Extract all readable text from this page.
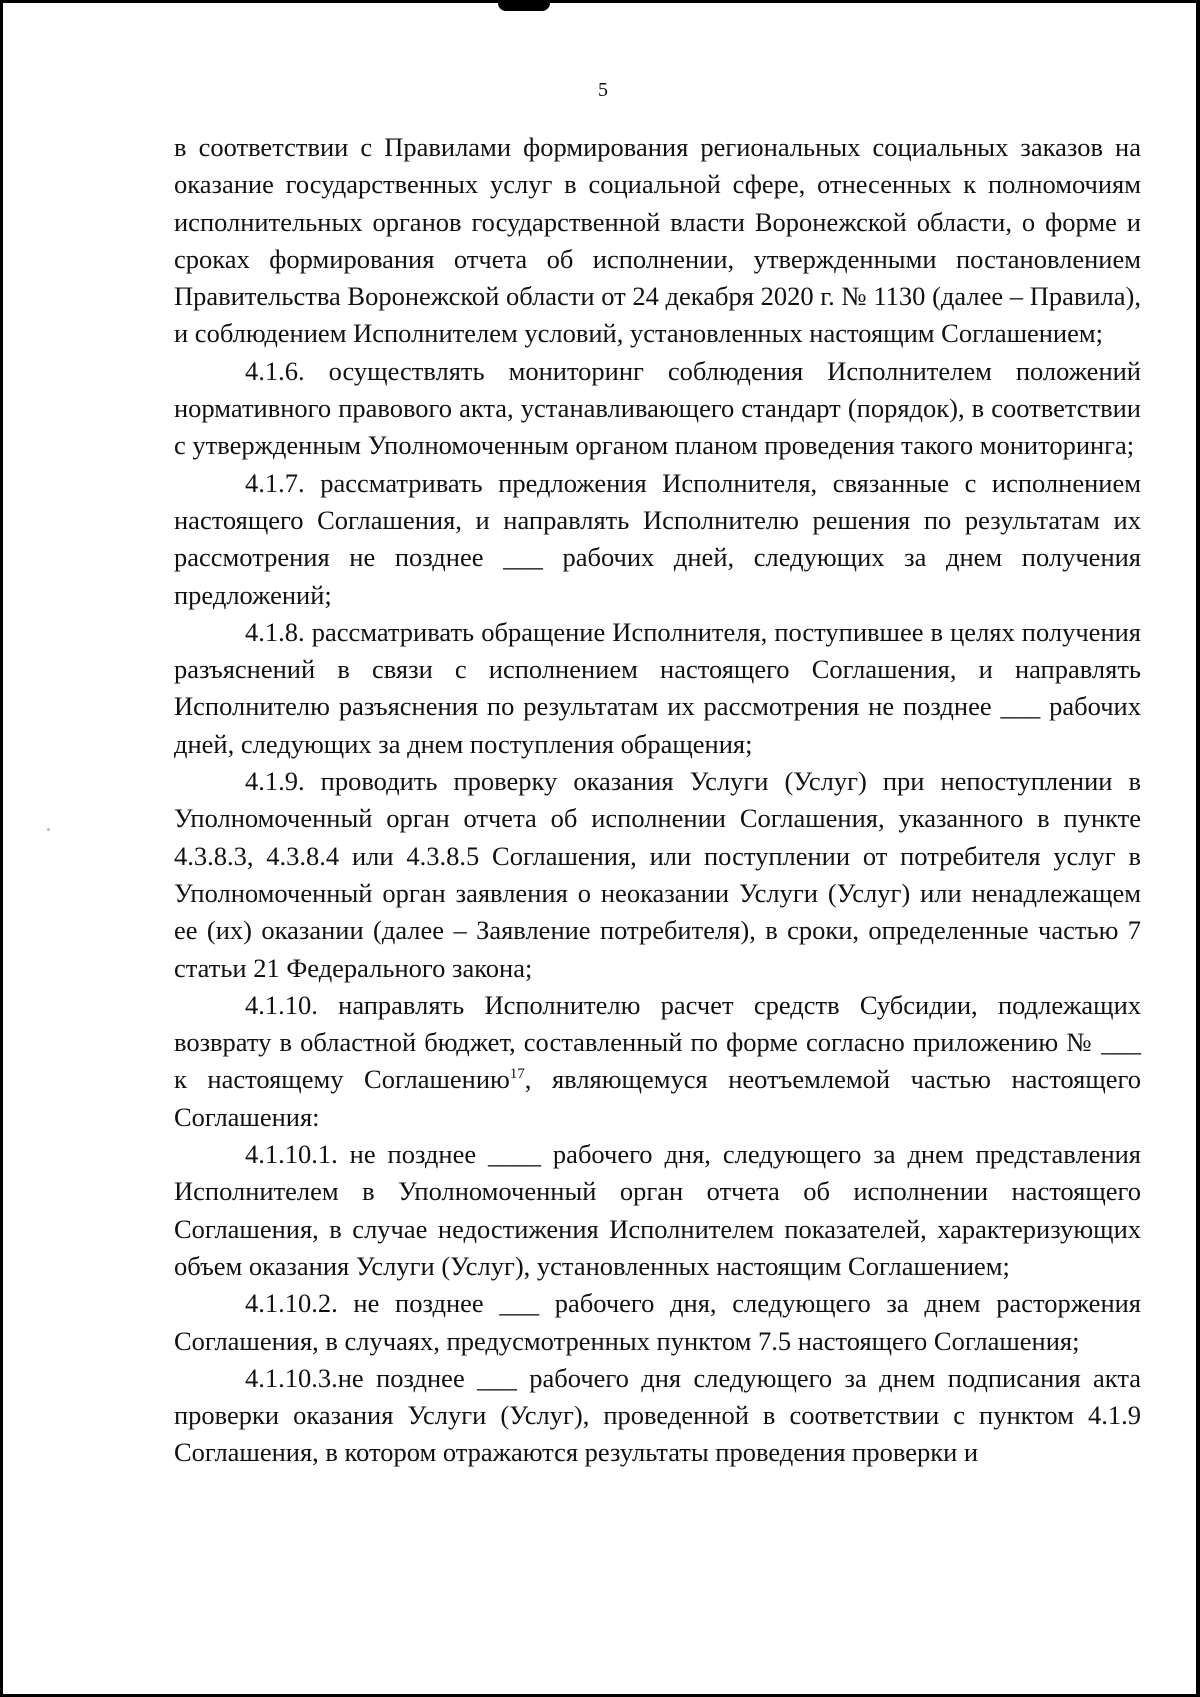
5

в соответствии с Правилами формирования региональных социальных заказов на оказание государственных услуг в социальной сфере, отнесенных к полномочиям исполнительных органов государственной власти Воронежской области, о форме и сроках формирования отчета об исполнении, утвержденными постановлением Правительства Воронежской области от 24 декабря 2020 г. № 1130 (далее – Правила), и соблюдением Исполнителем условий, установленных настоящим Соглашением;

4.1.6. осуществлять мониторинг соблюдения Исполнителем положений нормативного правового акта, устанавливающего стандарт (порядок), в соответствии с утвержденным Уполномоченным органом планом проведения такого мониторинга;

4.1.7. рассматривать предложения Исполнителя, связанные с исполнением настоящего Соглашения, и направлять Исполнителю решения по результатам их рассмотрения не позднее ___ рабочих дней, следующих за днем получения предложений;

4.1.8. рассматривать обращение Исполнителя, поступившее в целях получения разъяснений в связи с исполнением настоящего Соглашения, и направлять Исполнителю разъяснения по результатам их рассмотрения не позднее ___ рабочих дней, следующих за днем поступления обращения;

4.1.9. проводить проверку оказания Услуги (Услуг) при непоступлении в Уполномоченный орган отчета об исполнении Соглашения, указанного в пункте 4.3.8.3, 4.3.8.4 или 4.3.8.5 Соглашения, или поступлении от потребителя услуг в Уполномоченный орган заявления о неоказании Услуги (Услуг) или ненадлежащем ее (их) оказании (далее – Заявление потребителя), в сроки, определенные частью 7 статьи 21 Федерального закона;

4.1.10. направлять Исполнителю расчет средств Субсидии, подлежащих возврату в областной бюджет, составленный по форме согласно приложению № ___ к настоящему Соглашению$^{17}$, являющемуся неотъемлемой частью настоящего Соглашения:

4.1.10.1. не позднее ____ рабочего дня, следующего за днем представления Исполнителем в Уполномоченный орган отчета об исполнении настоящего Соглашения, в случае недостижения Исполнителем показателей, характеризующих объем оказания Услуги (Услуг), установленных настоящим Соглашением;

4.1.10.2. не позднее ___ рабочего дня, следующего за днем расторжения Соглашения, в случаях, предусмотренных пунктом 7.5 настоящего Соглашения;

4.1.10.3.не позднее ___ рабочего дня следующего за днем подписания акта проверки оказания Услуги (Услуг), проведенной в соответствии с пунктом 4.1.9 Соглашения, в котором отражаются результаты проведения проверки и
